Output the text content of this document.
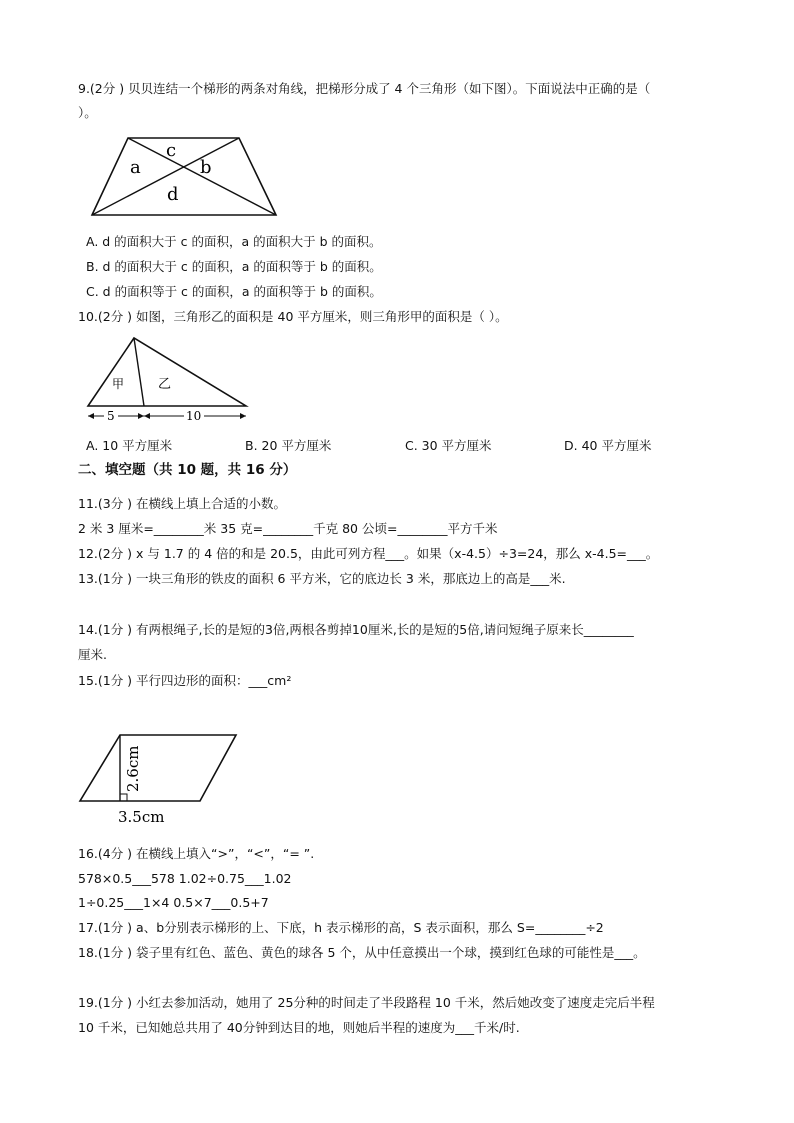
9.(2分 ) 贝贝连结一个梯形的两条对角线，把梯形分成了 4 个三角形（如下图）。下面说法中正确的是（
）。
a
c
b
d
A. d 的面积大于 c 的面积，a 的面积大于 b 的面积。
B. d 的面积大于 c 的面积，a 的面积等于 b 的面积。
C. d 的面积等于 c 的面积，a 的面积等于 b 的面积。
10.(2分 ) 如图，三角形乙的面积是 40 平方厘米，则三角形甲的面积是（ ）。
甲	乙
5	10
A. 10 平方厘米	B. 20 平方厘米	C. 30 平方厘米	D. 40 平方厘米
二、填空题（共 10 题，共 16 分）
11.(3分 ) 在横线上填上合适的小数。
2 米 3 厘米=________米 35 克=________千克 80 公顷=________平方千米
12.(2分 ) x 与 1.7 的 4 倍的和是 20.5，由此可列方程___。如果（x-4.5）÷3=24，那么 x-4.5=___。
13.(1分 ) 一块三角形的铁皮的面积 6 平方米，它的底边长 3 米，那底边上的高是___米.
14.(1分 ) 有两根绳子,长的是短的3倍,两根各剪掉10厘米,长的是短的5倍,请问短绳子原来长________
厘米.
15.(1分 ) 平行四边形的面积：___cm²
2.6cm
3.5cm
16.(4分 ) 在横线上填入“>”，“<”，“= ”.
578×0.5___578 1.02÷0.75___1.02
1÷0.25___1×4 0.5×7___0.5+7
17.(1分 ) a、b分别表示梯形的上、下底，h 表示梯形的高，S 表示面积，那么 S=________÷2
18.(1分 ) 袋子里有红色、蓝色、黄色的球各 5 个，从中任意摸出一个球，摸到红色球的可能性是___。
19.(1分 ) 小红去参加活动，她用了 25分种的时间走了半段路程 10 千米，然后她改变了速度走完后半程
10 千米，已知她总共用了 40分钟到达目的地，则她后半程的速度为___千米/时.
